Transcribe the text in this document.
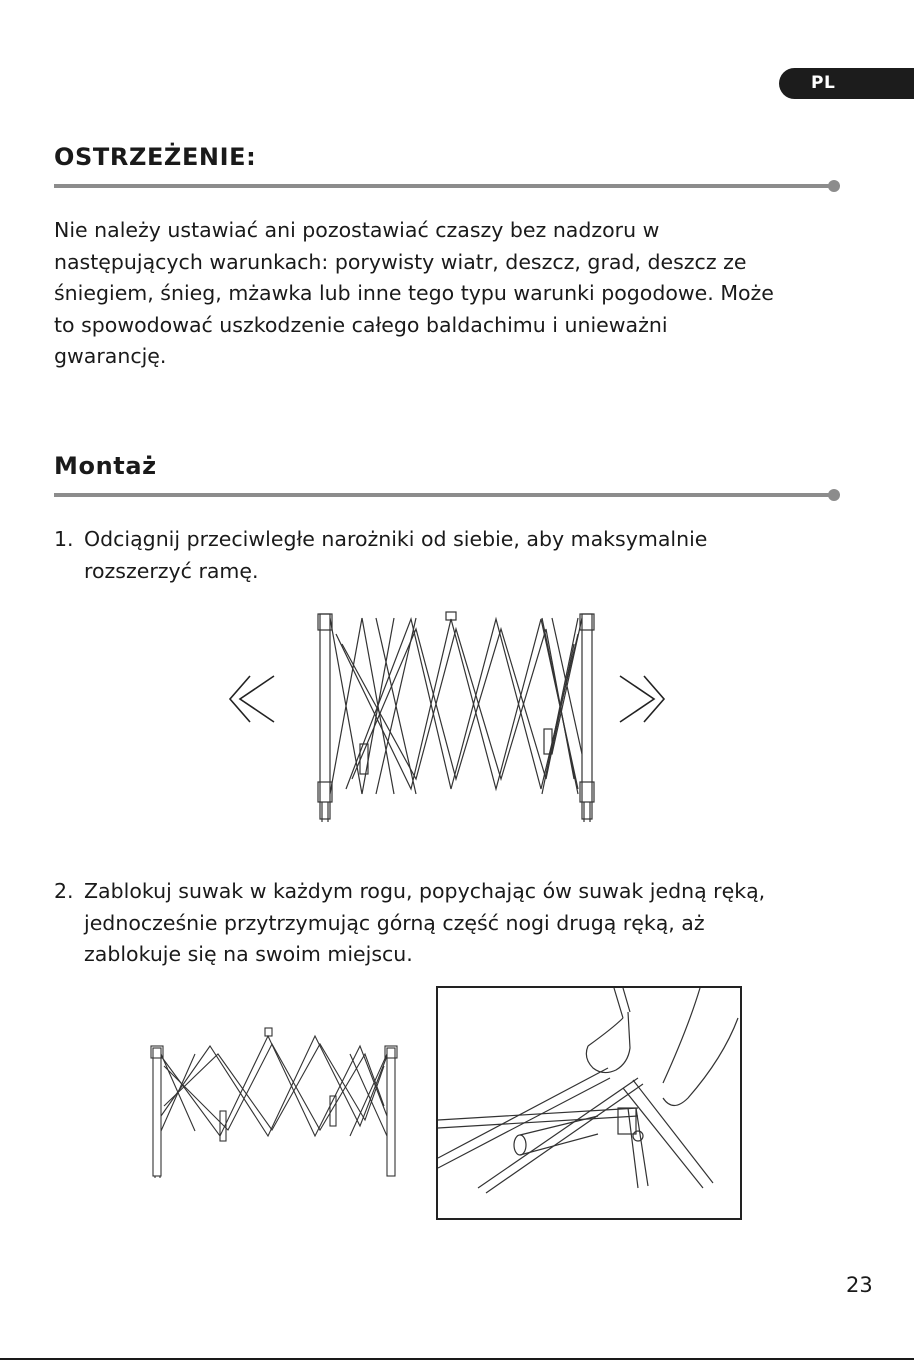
PL
OSTRZEŻENIE:

Nie należy ustawiać ani pozostawiać czaszy bez nadzoru w

następujących warunkach: porywisty wiatr, deszcz, grad, deszcz ze

śniegiem, śnieg, mżawka lub inne tego typu warunki pogodowe. Może

to spowodować uszkodzenie całego baldachimu i unieważni

gwarancję.

Montaż
1. Odciągnij przeciwległe narożniki od siebie, aby maksymalnie
rozszerzyć ramę.
2. Zablokuj suwak w każdym rogu, popychając ów suwak jedną ręką,
jednocześnie przytrzymując górną część nogi drugą ręką, aż
zablokuje się na swoim miejscu.
23
